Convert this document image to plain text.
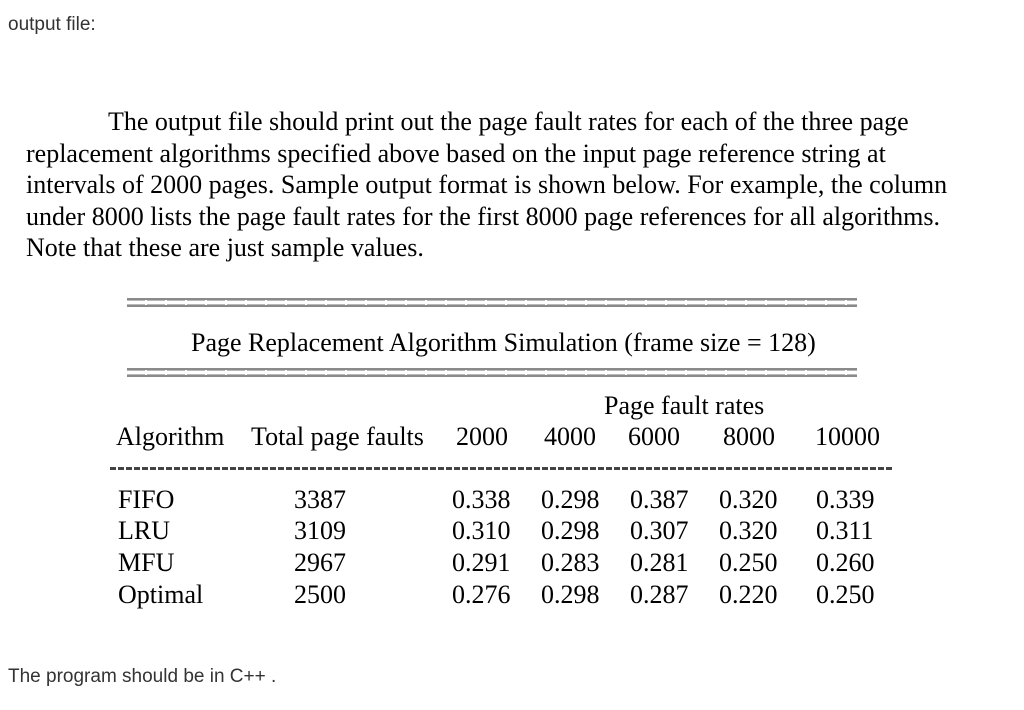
output file:
The output file should print out the page fault rates for each of the three page
replacement algorithms specified above based on the input page reference string at
intervals of 2000 pages. Sample output format is shown below. For example, the column
under 8000 lists the page fault rates for the first 8000 page references for all algorithms.
Note that these are just sample values.
Page Replacement Algorithm Simulation (frame size = 128)
Page fault rates
Algorithm Total page faults 2000 4000 6000 8000 10000
FIFO	3387	0.338 0.298 0.387 0.320 0.339
LRU	3109	0.310 0.298 0.307 0.320 0.311
MFU	2967	0.291 0.283 0.281 0.250 0.260
Optimal	2500	0.276 0.298 0.287 0.220 0.250
The program should be in C++ .
